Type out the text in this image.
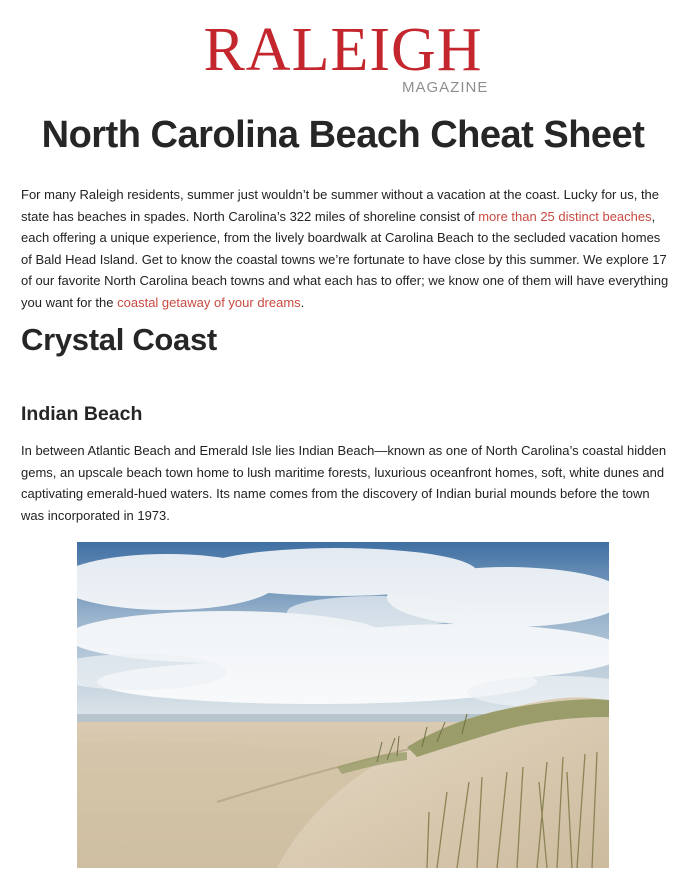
RALEIGH
MAGAZINE
North Carolina Beach Cheat Sheet

For many Raleigh residents, summer just wouldn’t be summer without a vacation at the coast. Lucky for us, the state has beaches in spades. North Carolina’s 322 miles of shoreline consist of more than 25 distinct beaches, each offering a unique experience, from the lively boardwalk at Carolina Beach to the secluded vacation homes of Bald Head Island. Get to know the coastal towns we’re fortunate to have close by this summer. We explore 17 of our favorite North Carolina beach towns and what each has to offer; we know one of them will have everything you want for the coastal getaway of your dreams.

Crystal Coast
Indian Beach

In between Atlantic Beach and Emerald Isle lies Indian Beach—known as one of North Carolina’s coastal hidden gems, an upscale beach town home to lush maritime forests, luxurious oceanfront homes, soft, white dunes and captivating emerald-hued waters. Its name comes from the discovery of Indian burial mounds before the town was incorporated in 1973.
